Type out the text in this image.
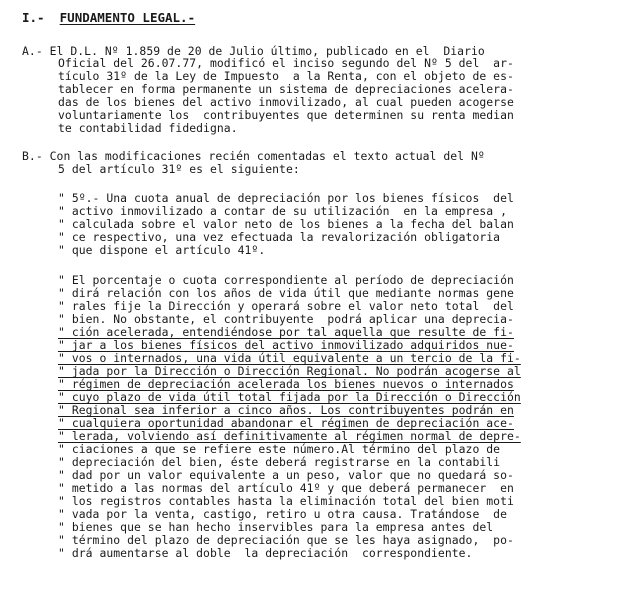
I.- FUNDAMENTO LEGAL.-
A.- El D.L. Nº 1.859 de 20 de Julio último, publicado en el  Diario
Oficial del 26.07.77, modificó el inciso segundo del Nº 5 del  ar-
tículo 31º de la Ley de Impuesto  a la Renta, con el objeto de es-
tablecer en forma permanente un sistema de depreciaciones acelera-
das de los bienes del activo inmovilizado, al cual pueden acogerse
voluntariamente los  contribuyentes que determinen su renta median
te contabilidad fidedigna.
B.- Con las modificaciones recién comentadas el texto actual del Nº
5 del artículo 31º es el siguiente:
" 5º.- Una cuota anual de depreciación por los bienes físicos  del
" activo inmovilizado a contar de su utilización  en la empresa ,
" calculada sobre el valor neto de los bienes a la fecha del balan
" ce respectivo, una vez efectuada la revalorización obligatoria
" que dispone el artículo 41º.
" El porcentaje o cuota correspondiente al período de depreciación
" dirá relación con los años de vida útil que mediante normas gene
" rales fije la Dirección y operará sobre el valor neto total  del
" bien. No obstante, el contribuyente  podrá aplicar una deprecia-
" ción acelerada, entendiéndose por tal aquella que resulte de fi-
" jar a los bienes físicos del activo inmovilizado adquiridos nue-
" vos o internados, una vida útil equivalente a un tercio de la fi-
" jada por la Dirección o Dirección Regional. No podrán acogerse al
" régimen de depreciación acelerada los bienes nuevos o internados
" cuyo plazo de vida útil total fijada por la Dirección o Dirección
" Regional sea inferior a cinco años. Los contribuyentes podrán en
" cualquiera oportunidad abandonar el régimen de depreciación ace-
" lerada, volviendo así definitivamente al régimen normal de depre-
" ciaciones a que se refiere este número.Al término del plazo de
" depreciación del bien, éste deberá registrarse en la contabili
" dad por un valor equivalente a un peso, valor que no quedará so-
" metido a las normas del artículo 41º y que deberá permanecer  en
" los registros contables hasta la eliminación total del bien moti
" vada por la venta, castigo, retiro u otra causa. Tratándose  de
" bienes que se han hecho inservibles para la empresa antes del
" término del plazo de depreciación que se les haya asignado,  po-
" drá aumentarse al doble  la depreciación  correspondiente.
